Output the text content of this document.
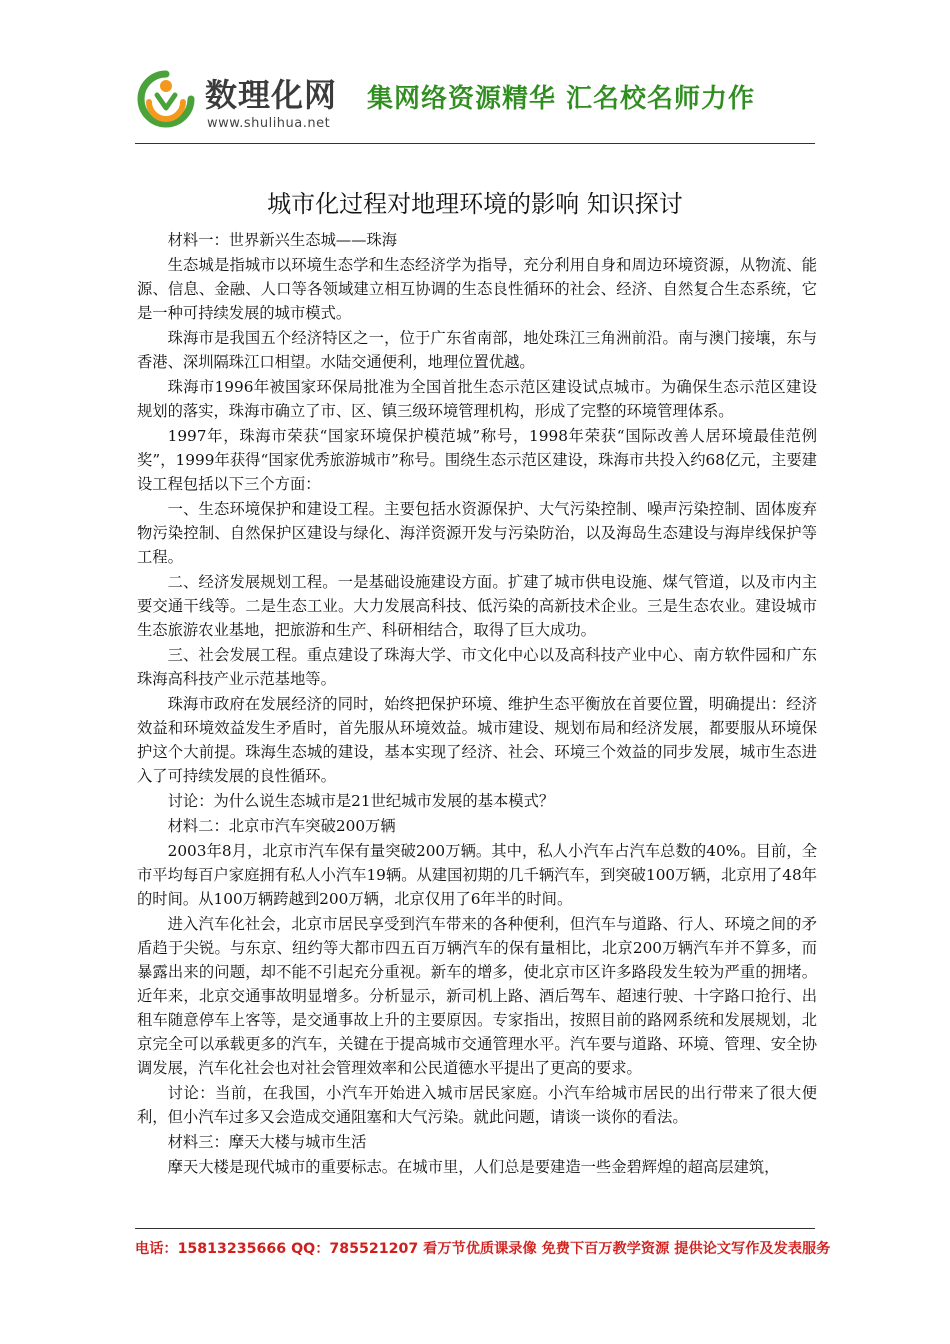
数理化网
www.shulihua.net
集网络资源精华 汇名校名师力作
城市化过程对地理环境的影响 知识探讨

材料一：世界新兴生态城——珠海

生态城是指城市以环境生态学和生态经济学为指导，充分利用自身和周边环境资源，从物流、能源、信息、金融、人口等各领域建立相互协调的生态良性循环的社会、经济、自然复合生态系统，它是一种可持续发展的城市模式。

珠海市是我国五个经济特区之一，位于广东省南部，地处珠江三角洲前沿。南与澳门接壤，东与香港、深圳隔珠江口相望。水陆交通便利，地理位置优越。

珠海市1996年被国家环保局批准为全国首批生态示范区建设试点城市。为确保生态示范区建设规划的落实，珠海市确立了市、区、镇三级环境管理机构，形成了完整的环境管理体系。

1997年，珠海市荣获“国家环境保护模范城”称号，1998年荣获“国际改善人居环境最佳范例奖”，1999年获得“国家优秀旅游城市”称号。围绕生态示范区建设，珠海市共投入约68亿元，主要建设工程包括以下三个方面：

一、生态环境保护和建设工程。主要包括水资源保护、大气污染控制、噪声污染控制、固体废弃物污染控制、自然保护区建设与绿化、海洋资源开发与污染防治，以及海岛生态建设与海岸线保护等工程。

二、经济发展规划工程。一是基础设施建设方面。扩建了城市供电设施、煤气管道，以及市内主要交通干线等。二是生态工业。大力发展高科技、低污染的高新技术企业。三是生态农业。建设城市生态旅游农业基地，把旅游和生产、科研相结合，取得了巨大成功。

三、社会发展工程。重点建设了珠海大学、市文化中心以及高科技产业中心、南方软件园和广东珠海高科技产业示范基地等。

珠海市政府在发展经济的同时，始终把保护环境、维护生态平衡放在首要位置，明确提出：经济效益和环境效益发生矛盾时，首先服从环境效益。城市建设、规划布局和经济发展，都要服从环境保护这个大前提。珠海生态城的建设，基本实现了经济、社会、环境三个效益的同步发展，城市生态进入了可持续发展的良性循环。

讨论：为什么说生态城市是21世纪城市发展的基本模式？

材料二：北京市汽车突破200万辆

2003年8月，北京市汽车保有量突破200万辆。其中，私人小汽车占汽车总数的40%。目前，全市平均每百户家庭拥有私人小汽车19辆。从建国初期的几千辆汽车，到突破100万辆，北京用了48年的时间。从100万辆跨越到200万辆，北京仅用了6年半的时间。

进入汽车化社会，北京市居民享受到汽车带来的各种便利，但汽车与道路、行人、环境之间的矛盾趋于尖锐。与东京、纽约等大都市四五百万辆汽车的保有量相比，北京200万辆汽车并不算多，而暴露出来的问题，却不能不引起充分重视。新车的增多，使北京市区许多路段发生较为严重的拥堵。近年来，北京交通事故明显增多。分析显示，新司机上路、酒后驾车、超速行驶、十字路口抢行、出租车随意停车上客等，是交通事故上升的主要原因。专家指出，按照目前的路网系统和发展规划，北京完全可以承载更多的汽车，关键在于提高城市交通管理水平。汽车要与道路、环境、管理、安全协调发展，汽车化社会也对社会管理效率和公民道德水平提出了更高的要求。

讨论：当前，在我国，小汽车开始进入城市居民家庭。小汽车给城市居民的出行带来了很大便利，但小汽车过多又会造成交通阻塞和大气污染。就此问题，请谈一谈你的看法。

材料三：摩天大楼与城市生活

摩天大楼是现代城市的重要标志。在城市里，人们总是要建造一些金碧辉煌的超高层建筑，

电话：15813235666 QQ：785521207 看万节优质课录像 免费下百万教学资源 提供论文写作及发表服务
